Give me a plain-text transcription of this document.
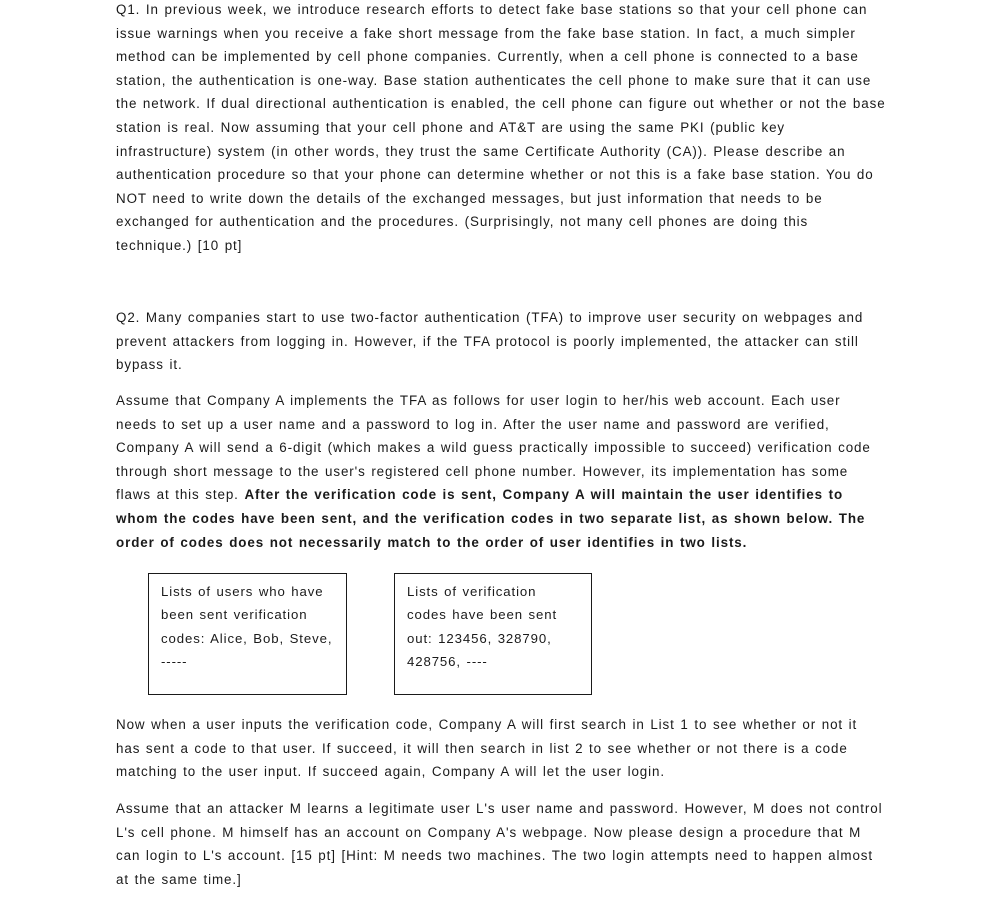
Q1. In previous week, we introduce research efforts to detect fake base stations so that your cell phone can issue warnings when you receive a fake short message from the fake base station. In fact, a much simpler method can be implemented by cell phone companies. Currently, when a cell phone is connected to a base station, the authentication is one-way. Base station authenticates the cell phone to make sure that it can use the network. If dual directional authentication is enabled, the cell phone can figure out whether or not the base station is real. Now assuming that your cell phone and AT&T are using the same PKI (public key infrastructure) system (in other words, they trust the same Certificate Authority (CA)). Please describe an authentication procedure so that your phone can determine whether or not this is a fake base station. You do NOT need to write down the details of the exchanged messages, but just information that needs to be exchanged for authentication and the procedures. (Surprisingly, not many cell phones are doing this technique.) [10 pt]

Q2. Many companies start to use two-factor authentication (TFA) to improve user security on webpages and prevent attackers from logging in. However, if the TFA protocol is poorly implemented, the attacker can still bypass it.

Assume that Company A implements the TFA as follows for user login to her/his web account. Each user needs to set up a user name and a password to log in. After the user name and password are verified, Company A will send a 6-digit (which makes a wild guess practically impossible to succeed) verification code through short message to the user's registered cell phone number. However, its implementation has some flaws at this step. After the verification code is sent, Company A will maintain the user identifies to whom the codes have been sent, and the verification codes in two separate list, as shown below. The order of codes does not necessarily match to the order of user identifies in two lists.

Lists of users who have been sent verification codes: Alice, Bob, Steve, -----
Lists of verification codes have been sent out: 123456, 328790, 428756, ----

Now when a user inputs the verification code, Company A will first search in List 1 to see whether or not it has sent a code to that user. If succeed, it will then search in list 2 to see whether or not there is a code matching to the user input. If succeed again, Company A will let the user login.

Assume that an attacker M learns a legitimate user L's user name and password. However, M does not control L's cell phone. M himself has an account on Company A's webpage. Now please design a procedure that M can login to L's account. [15 pt] [Hint: M needs two machines. The two login attempts need to happen almost at the same time.]
